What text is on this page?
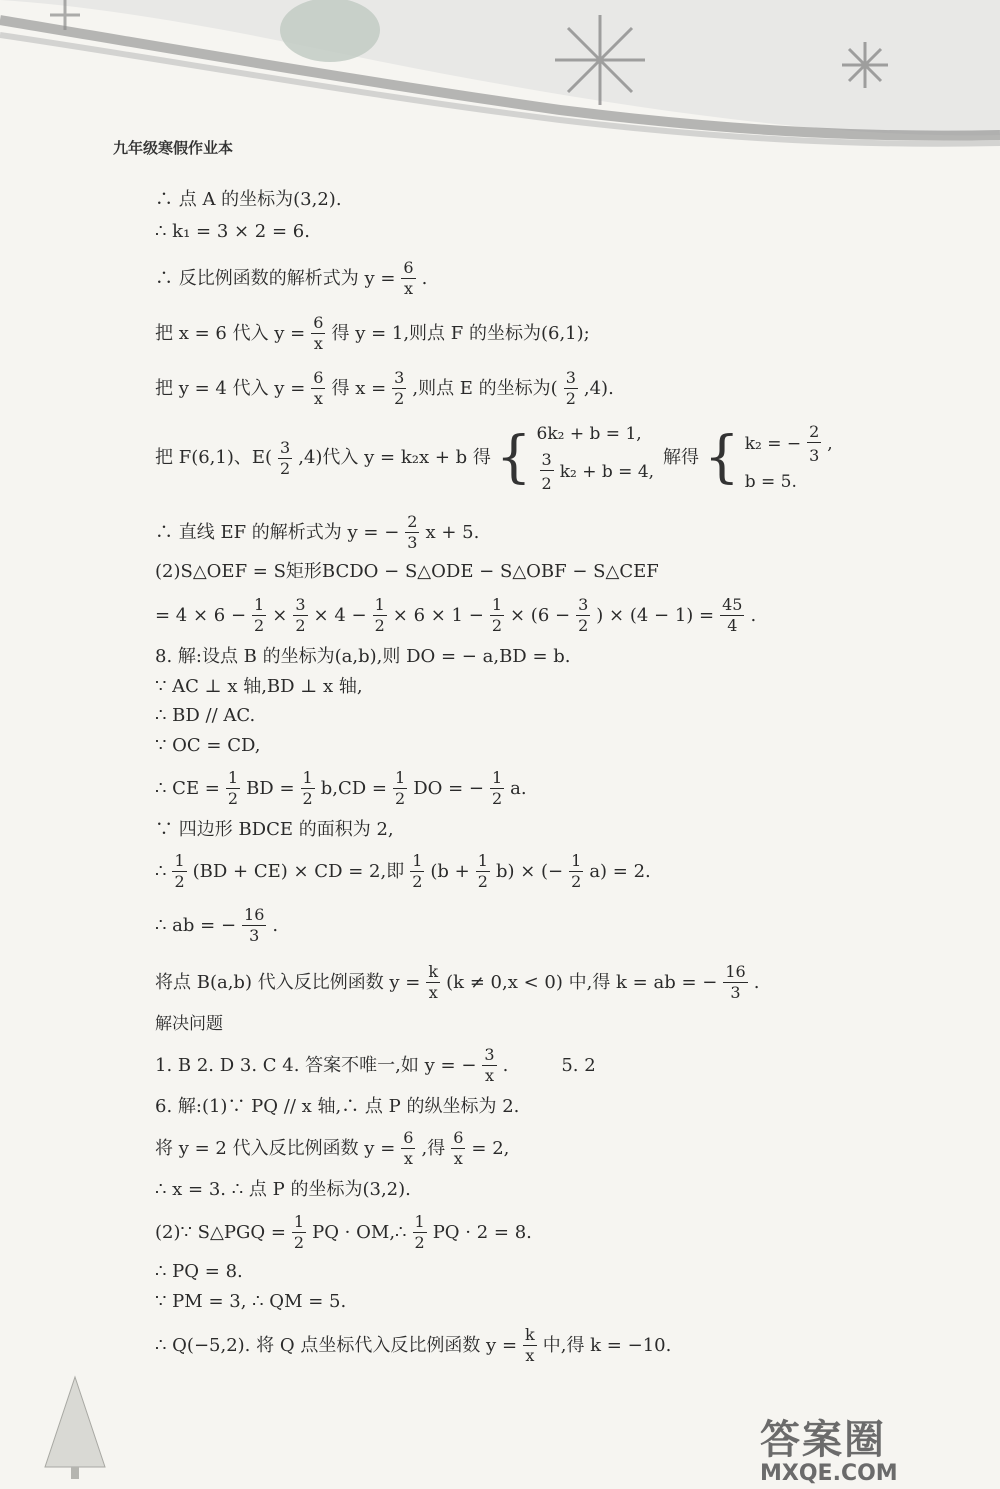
九年级寒假作业本
∴ 点 A 的坐标为(3,2).
∴ k₁ = 3 × 2 = 6.
∴ 反比例函数的解析式为 $y = \frac{6}{x}$ .
把 x = 6 代入 $y = \frac{6}{x}$ 得 y = 1,则点 F 的坐标为(6,1);
把 y = 4 代入 $y = \frac{6}{x}$ 得 $x = \frac{3}{2}$ ,则点 E 的坐标为( $\frac{3}{2} ,4$).
把 F(6,1)、$E( \frac{3}{2} ,4)$代入 y = k₂x + b 得 { 6k₂ + b = 1,
$\frac{3}{2} k_2 + b = 4$,
解得 { k₂ = − $\frac{2}{3}$ ,
b = 5.
∴ 直线 EF 的解析式为 y = − $\frac{2}{3}$ x + 5.
(2)S△OEF = S矩形BCDO − S△ODE − S△OBF − S△CEF
= $4 \times 6 - \frac{1}{2} \times \frac{3}{2} \times 4 - \frac{1}{2} \times 6 \times 1 - \frac{1}{2} \times (6 - \frac{3}{2}$ ) × $(4 - 1) = \frac{45}{4}$ .
8. 解:设点 B 的坐标为(a,b),则 DO = − a,BD = b.
∵ AC ⊥ x 轴,BD ⊥ x 轴,
∴ BD // AC.
∵ OC = CD,
∴ CE = $\frac{1}{2}$ BD = $\frac{1}{2} b,CD = \frac{1}{2}$ DO = − $\frac{1}{2} a$.
∵ 四边形 BDCE 的面积为 2,
∴ $\frac{1}{2} (BD + CE)$ × CD = 2,即 $\frac{1}{2} (b + \frac{1}{2} b)$ × (− $\frac{1}{2} a) = 2$.
∴ ab = − $\frac{16}{3}$ .
将点 B(a,b) 代入反比例函数 $y = \frac{k}{x} (k \ne 0,x < 0)$ 中,得 k = ab = − $\frac{16}{3}$ .
解决问题
1. B 2. D 3. C 4. 答案不唯一,如 y = − $\frac{3}{x}$ .	5. 2
6. 解:(1)∵ PQ // x 轴,∴ 点 P 的纵坐标为 2.
将 y = 2 代入反比例函数 $y = \frac{6}{x}$ ,得 $\frac{6}{x} = 2$,
∴ x = 3. ∴ 点 P 的坐标为(3,2).
(2)∵ S△PGQ = $\frac{1}{2}$ PQ · OM,∴ $\frac{1}{2}$ PQ · 2 = 8.
∴ PQ = 8.
∵ PM = 3, ∴ QM = 5.
∴ Q(−5,2). 将 Q 点坐标代入反比例函数 $y = \frac{k}{x}$ 中,得 k = −10.
答案圈
MXQE.COM
